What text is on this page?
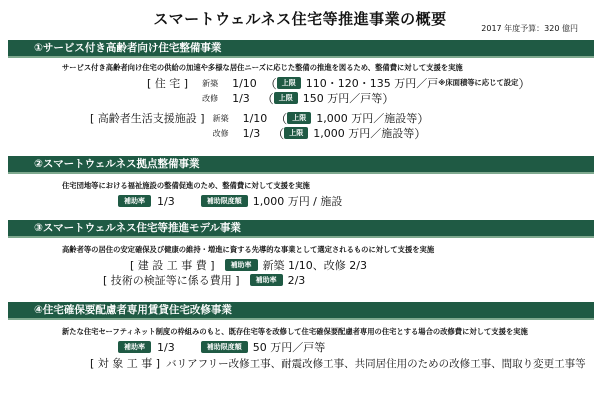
スマートウェルネス住宅等推進事業の概要
2017 年度予算：320 億円
①サービス付き高齢者向け住宅整備事業
サービス付き高齢者向け住宅の供給の加速や多様な居住ニーズに応じた整備の推進を図るため、整備費に対して支援を実施
[ 住 宅 ] 新築 1/10 （ 上限 110・120・135 万円／戸 ※床面積等に応じて設定 ）
改修 1/3 （ 上限 150 万円／戸等 ）
[ 高齢者生活支援施設 ] 新築 1/10 （ 上限 1,000 万円／施設等 ）
改修 1/3 （ 上限 1,000 万円／施設等 ）
②スマートウェルネス拠点整備事業
住宅団地等における福祉施設の整備促進のため、整備費に対して支援を実施
補助率	1/3	補助限度額	1,000 万円 / 施設
③スマートウェルネス住宅等推進モデル事業
高齢者等の居住の安定確保及び健康の維持・増進に資する先導的な事業として選定されるものに対して支援を実施
[ 建 設 工 事 費 ]	補助率	新築 1/10、改修 2/3
[ 技術の検証等に係る費用 ]	補助率	2/3
④住宅確保要配慮者専用賃貸住宅改修事業
新たな住宅セーフティネット制度の枠組みのもと、既存住宅等を改修して住宅確保要配慮者専用の住宅とする場合の改修費に対して支援を実施
補助率	1/3	補助限度額	50 万円／戸等
[ 対 象 工 事 ] バリアフリー改修工事、耐震改修工事、共同居住用のための改修工事、間取り変更工事等
